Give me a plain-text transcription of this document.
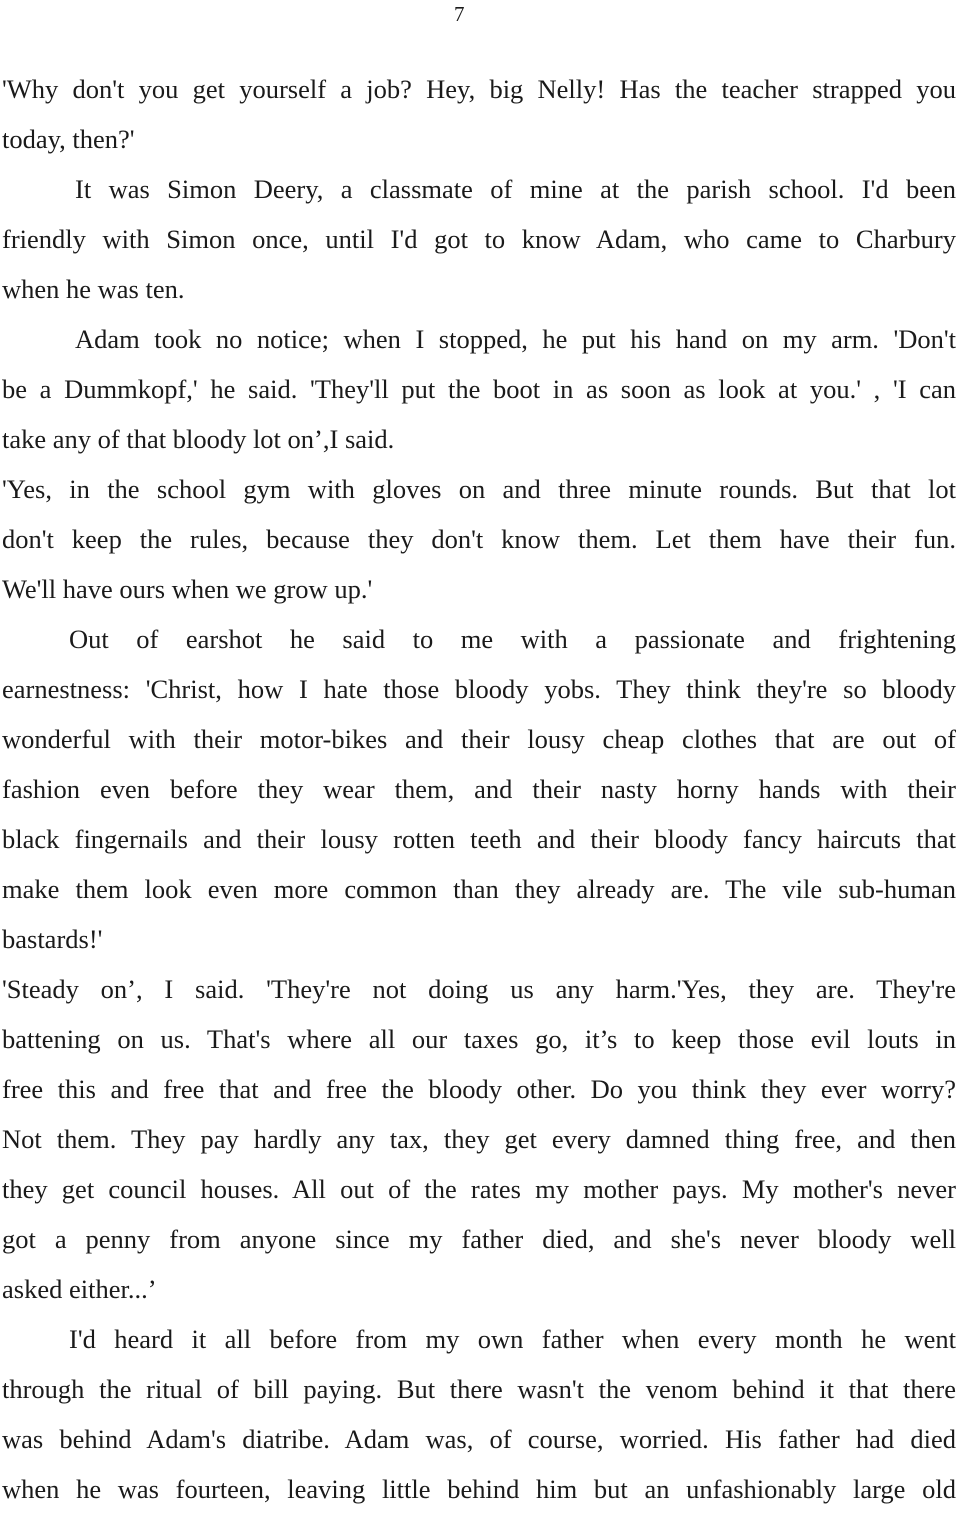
7
'Why don't you get yourself a job? Hey, big Nelly! Has the teacher strapped you
today, then?'
It was Simon Deery, a classmate of mine at the parish school. I'd been
friendly with Simon once, until I'd got to know Adam, who came to Charbury
when he was ten.
Adam took no notice; when I stopped, he put his hand on my arm. 'Don't
be a Dummkopf,' he said. 'They'll put the boot in as soon as look at you.' , 'I can
take any of that bloody lot on’,I said.
'Yes, in the school gym with gloves on and three minute rounds. But that lot
don't keep the rules, because they don't know them. Let them have their fun.
We'll have ours when we grow up.'
Out of earshot he said to me with a passionate and frightening
earnestness: 'Christ, how I hate those bloody yobs. They think they're so bloody
wonderful with their motor-bikes and their lousy cheap clothes that are out of
fashion even before they wear them, and their nasty horny hands with their
black fingernails and their lousy rotten teeth and their bloody fancy haircuts that
make them look even more common than they already are. The vile sub-human
bastards!'
'Steady on’, I said. 'They're not doing us any harm.'Yes, they are. They're
battening on us. That's where all our taxes go, it’s to keep those evil louts in
free this and free that and free the bloody other. Do you think they ever worry?
Not them. They pay hardly any tax, they get every damned thing free, and then
they get council houses. All out of the rates my mother pays. My mother's never
got a penny from anyone since my father died, and she's never bloody well
asked either...’
I'd heard it all before from my own father when every month he went
through the ritual of bill paying. But there wasn't the venom behind it that there
was behind Adam's diatribe. Adam was, of course, worried. His father had died
when he was fourteen, leaving little behind him but an unfashionably large old
